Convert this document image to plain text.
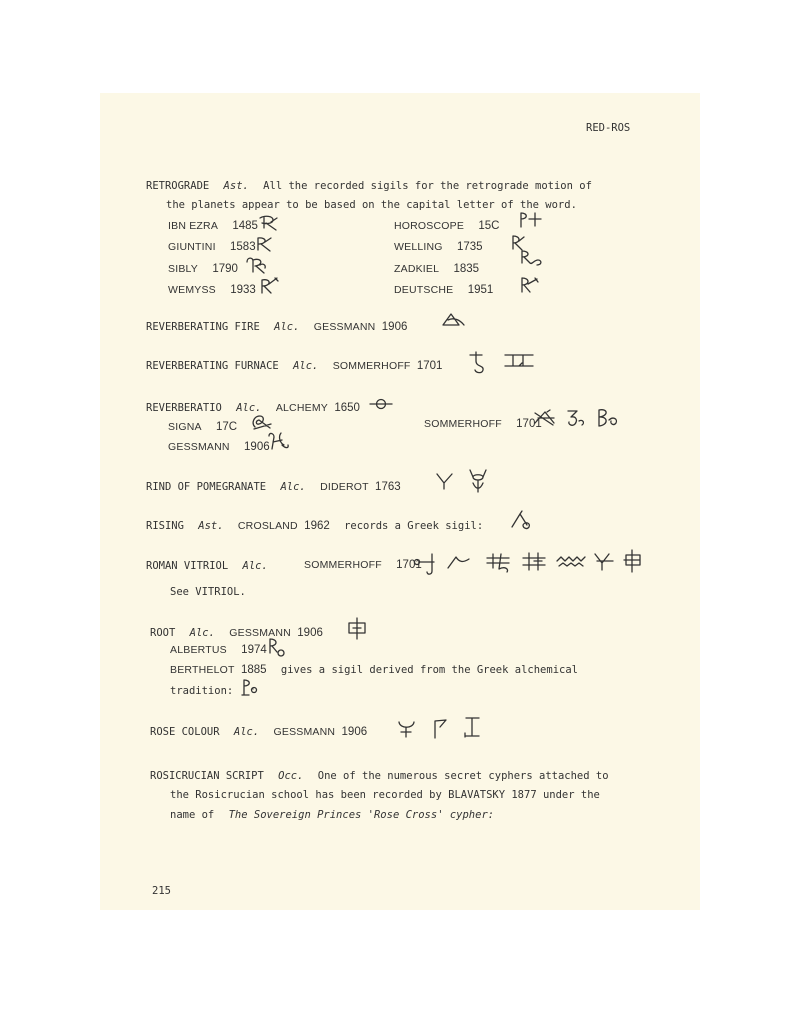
RED-ROS
RETROGRADE Ast. All the recorded sigils for the retrograde motion of
the planets appear to be based on the capital letter of the word.
IBN EZRA 1485
GIUNTINI 1583
SIBLY 1790
WEMYSS 1933
HOROSCOPE 15C
WELLING 1735
ZADKIEL 1835
DEUTSCHE 1951
REVERBERATING FIRE Alc. GESSMANN 1906
REVERBERATING FURNACE Alc. SOMMERHOFF 1701
REVERBERATIO Alc. ALCHEMY 1650
SIGNA 17C
GESSMANN 1906
SOMMERHOFF 1701
RIND OF POMEGRANATE Alc. DIDEROT 1763
RISING Ast. CROSLAND 1962 records a Greek sigil:
ROMAN VITRIOL Alc.	SOMMERHOFF 1701
See VITRIOL.
ROOT Alc. GESSMANN 1906
ALBERTUS 1974
BERTHELOT 1885 gives a sigil derived from the Greek alchemical
tradition:
ROSE COLOUR Alc. GESSMANN 1906
ROSICRUCIAN SCRIPT Occ. One of the numerous secret cyphers attached to
the Rosicrucian school has been recorded by BLAVATSKY 1877 under the
name of The Sovereign Princes 'Rose Cross' cypher:
215
